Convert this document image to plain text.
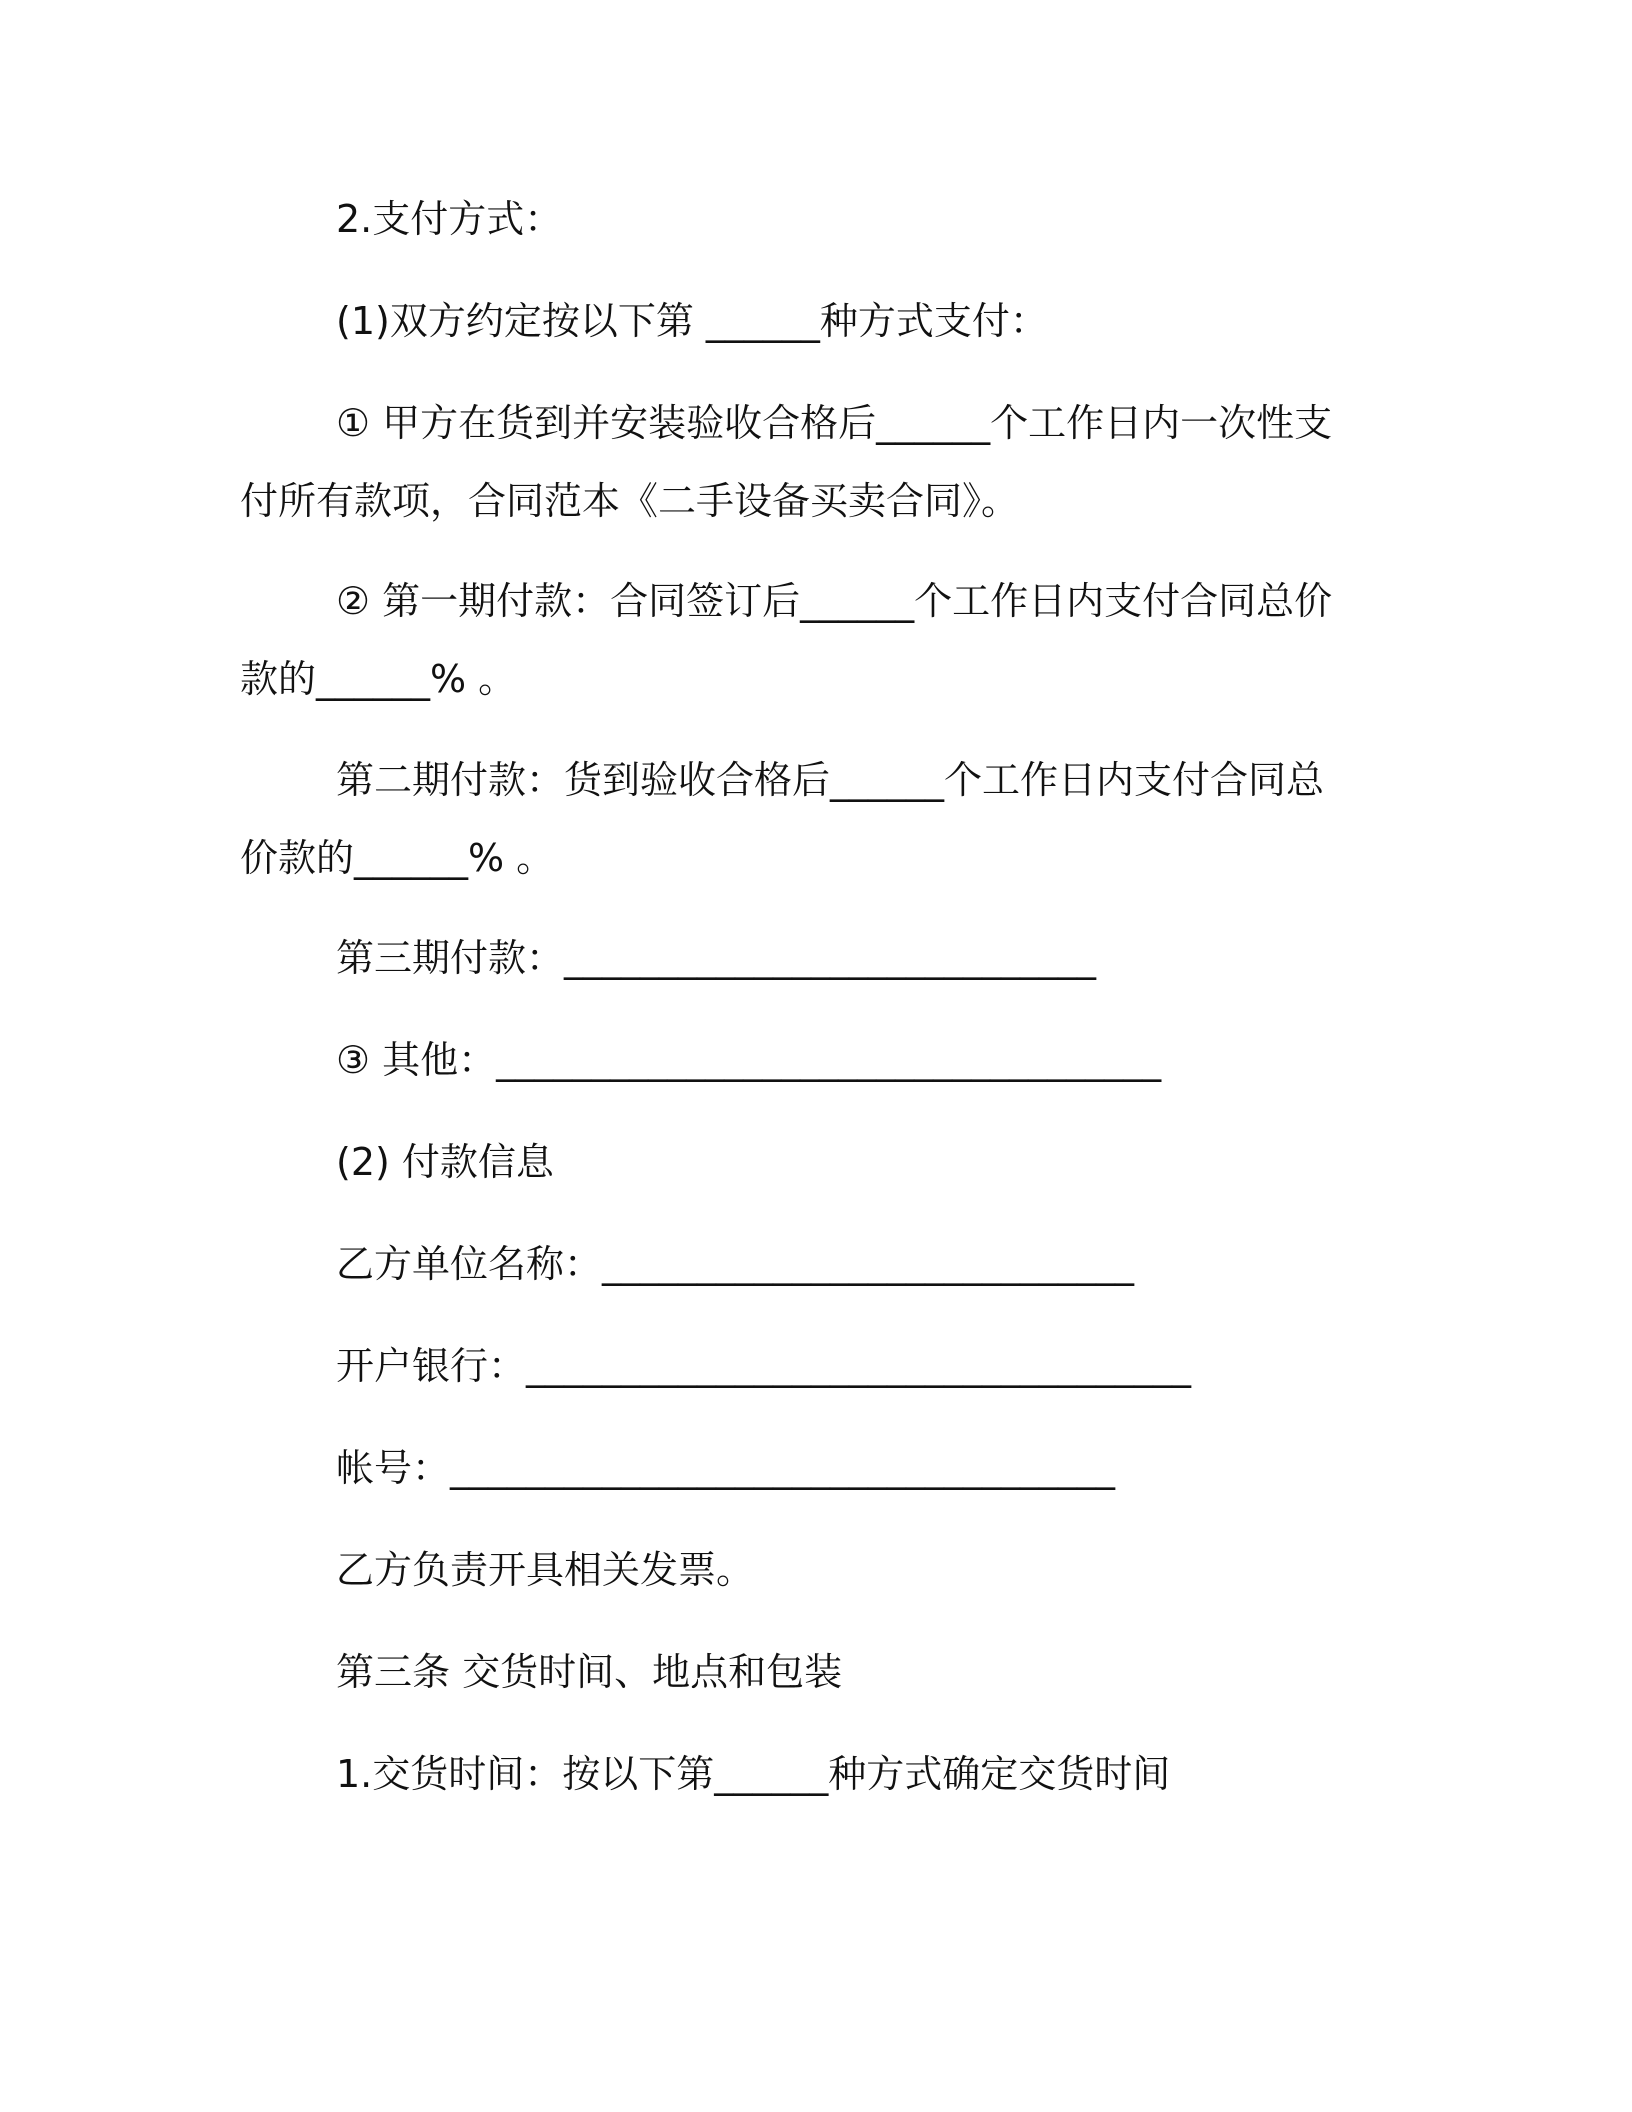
2.支付方式：
(1)双方约定按以下第 ______种方式支付：
① 甲方在货到并安装验收合格后______个工作日内一次性支付所有款项，合同范本《二手设备买卖合同》。
② 第一期付款：合同签订后______个工作日内支付合同总价款的______% 。
第二期付款：货到验收合格后______个工作日内支付合同总价款的______% 。
第三期付款：____________________________
③ 其他：___________________________________
(2) 付款信息
乙方单位名称：____________________________
开户银行：___________________________________
帐号：___________________________________
乙方负责开具相关发票。
第三条 交货时间、地点和包装
1.交货时间：按以下第______种方式确定交货时间
